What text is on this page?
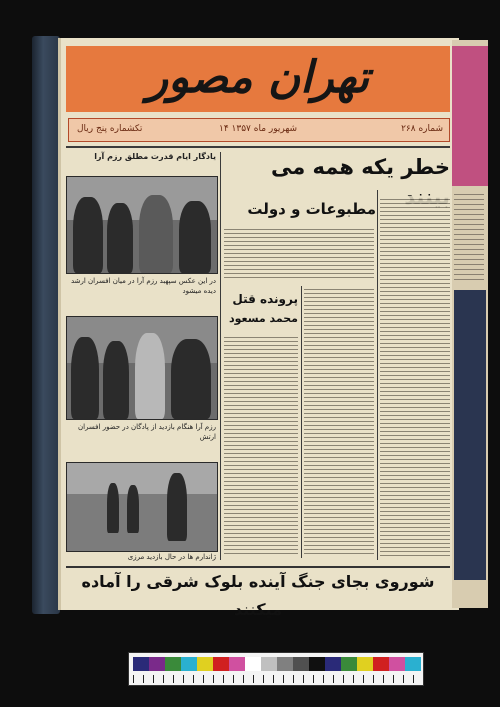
تهران مصور
شماره ۲۶۸
۱۴ شهریور ماه ۱۳۵۷
تکشماره پنج ریال
یادگار ایام قدرت مطلق رزم آرا
در این عکس سپهبد رزم آرا در میان افسران ارشد دیده میشود
رزم آرا هنگام بازدید از پادگان در حضور افسران ارتش
ژاندارم ها در حال بازدید مرزی
خطر یکه همه می
مطبوعات و دولت
پرونده قتل
محمد مسعود
شوروی بجای جنگ آینده بلوک شرقی را آماده میکنند
